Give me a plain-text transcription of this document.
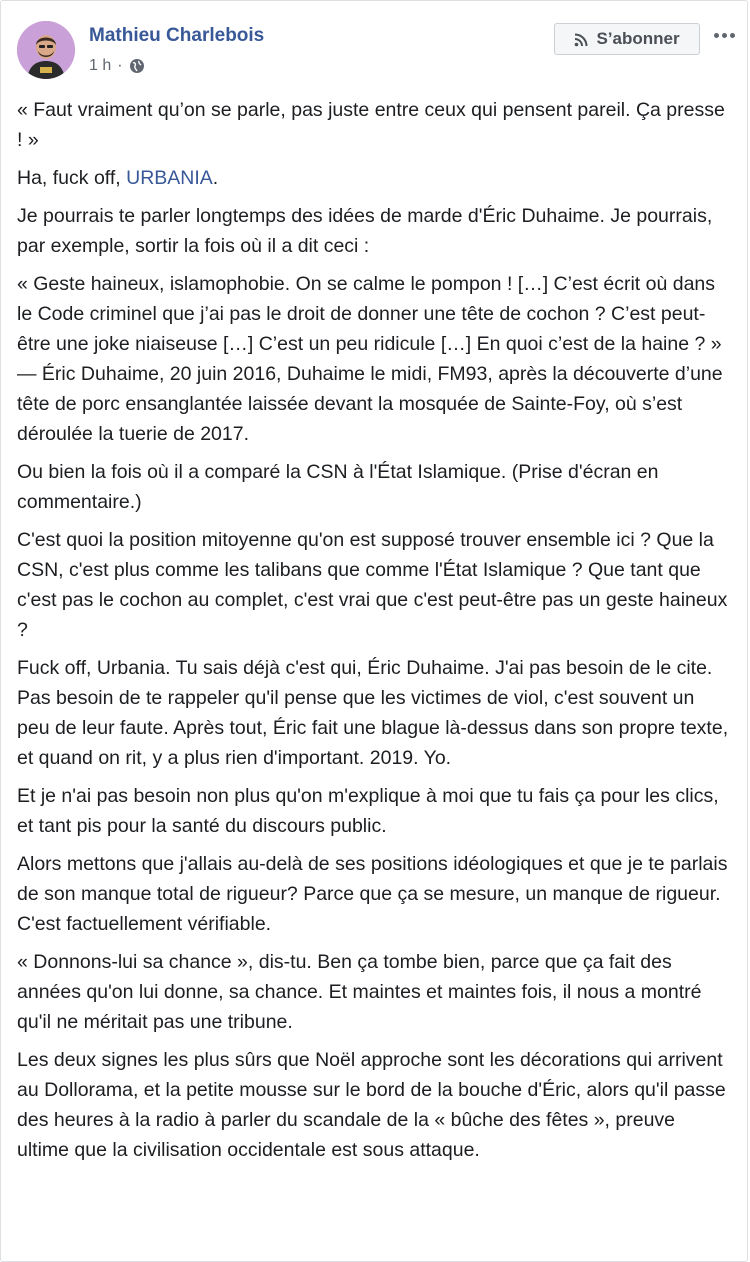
Mathieu Charlebois
1 h ·
S’abonner

« Faut vraiment qu’on se parle, pas juste entre ceux qui pensent pareil. Ça presse ! »

Ha, fuck off, URBANIA.

Je pourrais te parler longtemps des idées de marde d'Éric Duhaime. Je pourrais, par exemple, sortir la fois où il a dit ceci :

« Geste haineux, islamophobie. On se calme le pompon ! […] C’est écrit où dans le Code criminel que j’ai pas le droit de donner une tête de cochon ? C’est peut-être une joke niaiseuse […] C’est un peu ridicule […] En quoi c’est de la haine ? »
— Éric Duhaime, 20 juin 2016, Duhaime le midi, FM93, après la découverte d’une tête de porc ensanglantée laissée devant la mosquée de Sainte-Foy, où s’est déroulée la tuerie de 2017.

Ou bien la fois où il a comparé la CSN à l'État Islamique. (Prise d'écran en commentaire.)

C'est quoi la position mitoyenne qu'on est supposé trouver ensemble ici ? Que la CSN, c'est plus comme les talibans que comme l'État Islamique ? Que tant que c'est pas le cochon au complet, c'est vrai que c'est peut-être pas un geste haineux ?

Fuck off, Urbania. Tu sais déjà c'est qui, Éric Duhaime. J'ai pas besoin de le cite. Pas besoin de te rappeler qu'il pense que les victimes de viol, c'est souvent un peu de leur faute. Après tout, Éric fait une blague là-dessus dans son propre texte, et quand on rit, y a plus rien d'important. 2019. Yo.

Et je n'ai pas besoin non plus qu'on m'explique à moi que tu fais ça pour les clics, et tant pis pour la santé du discours public.

Alors mettons que j'allais au-delà de ses positions idéologiques et que je te parlais de son manque total de rigueur? Parce que ça se mesure, un manque de rigueur. C'est factuellement vérifiable.

« Donnons-lui sa chance », dis-tu. Ben ça tombe bien, parce que ça fait des années qu'on lui donne, sa chance. Et maintes et maintes fois, il nous a montré qu'il ne méritait pas une tribune.

Les deux signes les plus sûrs que Noël approche sont les décorations qui arrivent au Dollorama, et la petite mousse sur le bord de la bouche d'Éric, alors qu'il passe des heures à la radio à parler du scandale de la « bûche des fêtes », preuve ultime que la civilisation occidentale est sous attaque.
